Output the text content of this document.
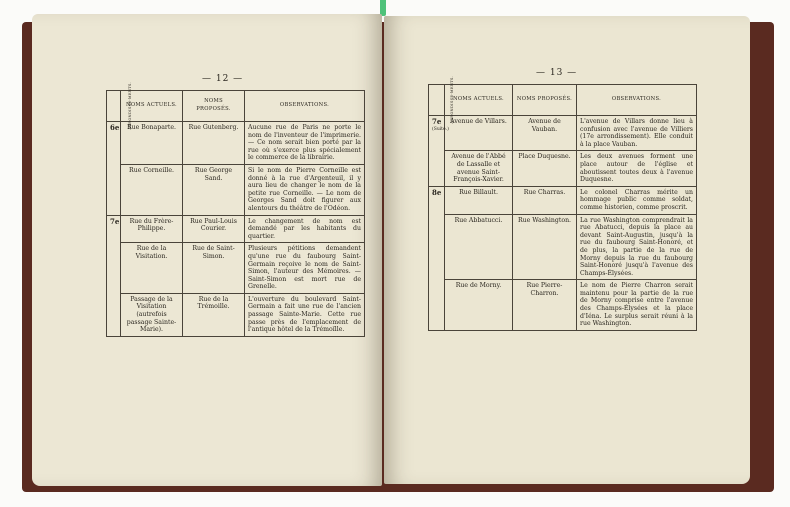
— 12 —
ARRONDISSE-MENTS.	NOMS ACTUELS.	NOMS PROPOSÉS.	OBSERVATIONS.
6e	Rue Bonaparte.	Rue Gutenberg.	Aucune rue de Paris ne porte le nom de l'inventeur de l'imprimerie. — Ce nom serait bien porté par la rue où s'exerce plus spécialement le commerce de la librairie.
	Rue Corneille.	Rue George Sand.	Si le nom de Pierre Corneille est donné à la rue d'Argenteuil, il y aura lieu de changer le nom de la petite rue Corneille. — Le nom de Georges Sand doit figurer aux alentours du théâtre de l'Odéon.
7e	Rue du Frère-Philippe.	Rue Paul-Louis Courier.	Le changement de nom est demandé par les habitants du quartier.
	Rue de la Visitation.	Rue de Saint-Simon.	Plusieurs pétitions demandent qu'une rue du faubourg Saint-Germain reçoive le nom de Saint-Simon, l'auteur des Mémoires. — Saint-Simon est mort rue de Grenelle.
	Passage de la Visitation (autrefois passage Sainte-Marie).	Rue de la Trémoille.	L'ouverture du boulevard Saint-Germain a fait une rue de l'ancien passage Sainte-Marie. Cette rue passe près de l'emplacement de l'antique hôtel de la Trémoïlle.
— 13 —
ARRONDISSE-MENTS.	NOMS ACTUELS.	NOMS PROPOSÉS.	OBSERVATIONS.
7e
(Suite.)	Avenue de Villars.	Avenue de Vauban.	L'avenue de Villars donne lieu à confusion avec l'avenue de Villiers (17e arrondissement). Elle conduit à la place Vauban.
	Avenue de l'Abbé de Lassalle et avenue Saint-François-Xavier.	Place Duquesne.	Les deux avenues forment une place autour de l'église et aboutissent toutes deux à l'avenue Duquesne.
8e	Rue Billault.	Rue Charras.	Le colonel Charras mérite un hommage public comme soldat, comme historien, comme proscrit.
	Rue Abbatucci.	Rue Washington.	La rue Washington comprendrait la rue Abatucci, depuis la place au devant Saint-Augustin, jusqu'à la rue du faubourg Saint-Honoré, et de plus, la partie de la rue de Morny depuis la rue du faubourg Saint-Honoré jusqu'à l'avenue des Champs-Élysées.
	Rue de Morny.	Rue Pierre-Charron.	Le nom de Pierre Charron serait maintenu pour la partie de la rue de Morny comprise entre l'avenue des Champs-Élysées et la place d'Iéna. Le surplus serait réuni à la rue Washington.
